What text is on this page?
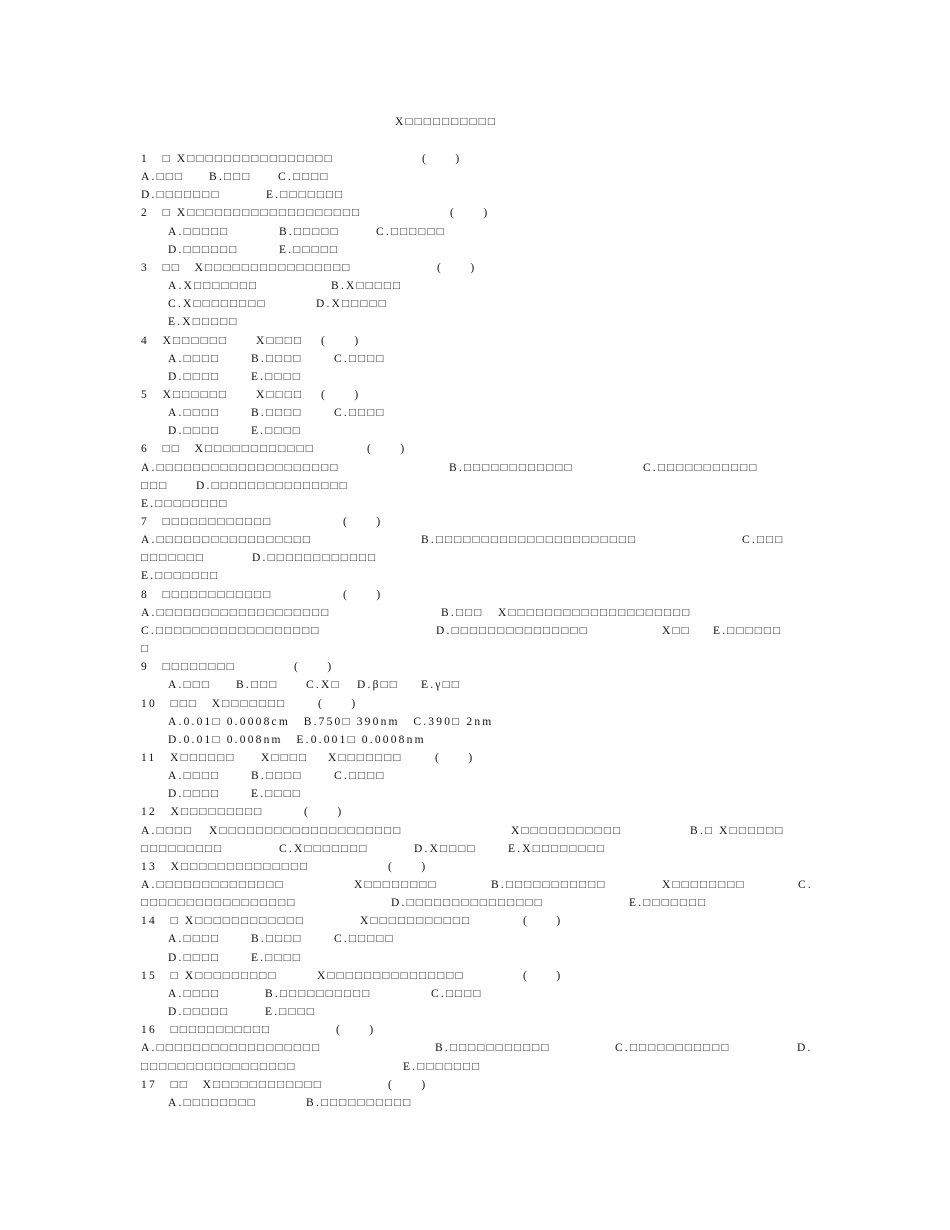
X□□□□□□□□□□
1　□ X□□□□□□□□□□□□□□□□	(　　)
A.□□□ B.□□□ C.□□□□
D.□□□□□□□	E.□□□□□□□
2　□ X□□□□□□□□□□□□□□□□□□□	(　　)
A.□□□□□	B.□□□□□	C.□□□□□□
D.□□□□□□	E.□□□□□
3　□□　X□□□□□□□□□□□□□□□□	(　　)
A.X□□□□□□□	B.X□□□□□
C.X□□□□□□□□	D.X□□□□□
E.X□□□□□
4　X□□□□□□ X□□□□ (　　)
A.□□□□	B.□□□□	C.□□□□
D.□□□□	E.□□□□
5　X□□□□□□ X□□□□ (　　)
A.□□□□	B.□□□□	C.□□□□
D.□□□□	E.□□□□
6　□□　X□□□□□□□□□□□□	(　　)
A.□□□□□□□□□□□□□□□□□□□□	B.□□□□□□□□□□□□	C.□□□□□□□□□□□
□□□ D.□□□□□□□□□□□□□□□
E.□□□□□□□□
7　□□□□□□□□□□□□	(　　)
A.□□□□□□□□□□□□□□□□□	B.□□□□□□□□□□□□□□□□□□□□□□	C.□□□
□□□□□□□	D.□□□□□□□□□□□□
E.□□□□□□□
8　□□□□□□□□□□□□	(　　)
A.□□□□□□□□□□□□□□□□□□□	B.□□□ X□□□□□□□□□□□□□□□□□□□□
C.□□□□□□□□□□□□□□□□□□	D.□□□□□□□□□□□□□□□	X□□ E.□□□□□□
□
9　□□□□□□□□	(　　)
A.□□□ B.□□□ C.X□ D.β□□ E.γ□□
10　□□□　X□□□□□□□	(　　)
A.0.01□ 0.0008cm　B.750□ 390nm　C.390□ 2nm
D.0.01□ 0.008nm　E.0.001□ 0.0008nm
11　X□□□□□□ X□□□□ X□□□□□□□	(　　)
A.□□□□	B.□□□□	C.□□□□
D.□□□□	E.□□□□
12　X□□□□□□□□□	(　　)
A.□□□□ X□□□□□□□□□□□□□□□□□□□□	X□□□□□□□□□□□	B.□ X□□□□□□
□□□□□□□□□	C.X□□□□□□□	D.X□□□□	E.X□□□□□□□□
13　X□□□□□□□□□□□□□□	(　　)
A.□□□□□□□□□□□□□□	X□□□□□□□□	B.□□□□□□□□□□□	X□□□□□□□□	C.
□□□□□□□□□□□□□□□□□	D.□□□□□□□□□□□□□□□	E.□□□□□□□
14　□ X□□□□□□□□□□□□	X□□□□□□□□□□□	(　　)
A.□□□□	B.□□□□	C.□□□□□
D.□□□□	E.□□□□
15　□ X□□□□□□□□□	X□□□□□□□□□□□□□□□	(　　)
A.□□□□	B.□□□□□□□□□□	C.□□□□
D.□□□□□	E.□□□□
16　□□□□□□□□□□□	(　　)
A.□□□□□□□□□□□□□□□□□□	B.□□□□□□□□□□□	C.□□□□□□□□□□□	D.
□□□□□□□□□□□□□□□□□	E.□□□□□□□
17　□□　X□□□□□□□□□□□□	(　　)
A.□□□□□□□□	B.□□□□□□□□□□
